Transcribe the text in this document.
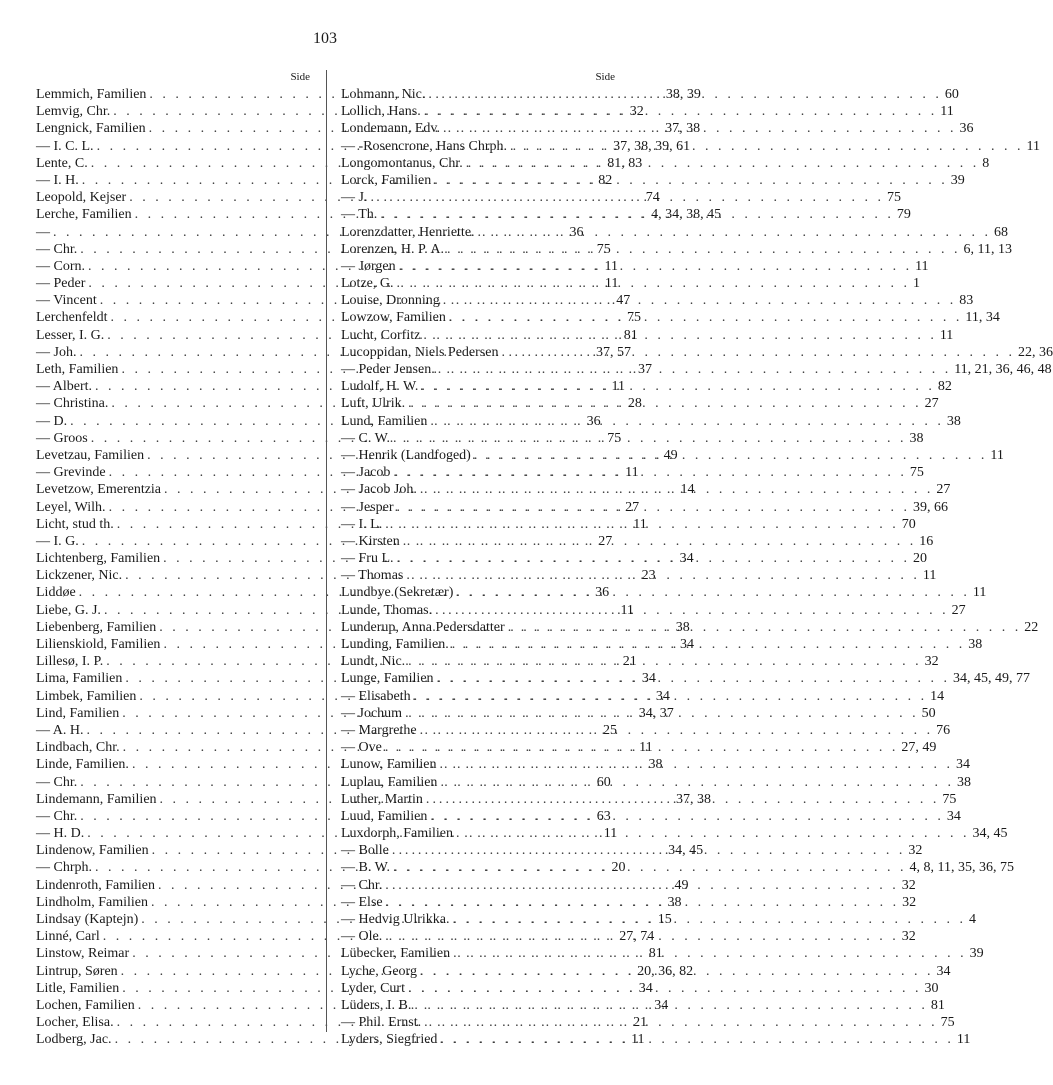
103
Side
Lemmich, Familien . . .	38, 39
Lemvig, Chr. . . .	32
Lengnick, Familien . . .	37, 38
— I. C. L. . . .	37, 38, 39, 61
Lente, C. . . .	81, 83
— I. H. . . .	82
Leopold, Kejser . . .	74
Lerche, Familien . . .	4, 34, 38, 45
— . . .	36
— Chr. . . .	75
— Corn. . . .	11
— Peder . . .	11
— Vincent . . .	47
Lerchenfeldt . . .	75
Lesser, I. G. . . .	81
— Joh. . . .	37, 57
Leth, Familien . . .	37
— Albert. . . .	11
— Christina. . . .	28
— D. . . .	36
— Groos . . .	75
Levetzau, Familien . . .	49
— Grevinde . . .	11
Levetzow, Emerentzia . . .	14
Leyel, Wilh. . . .	27
Licht, stud th. . . .	11
— I. G. . . .	27
Lichtenberg, Familien . . .	34
Lickzener, Nic. . . .	23
Liddøe . . .	36
Liebe, G. J. . . .	11
Liebenberg, Familien . . .	38
Lilienskiold, Familien . . .	34
Lillesø, I. P. . . .	21
Lima, Familien . . .	34
Limbek, Familien . . .	34
Lind, Familien . . .	34, 37
— A. H. . . .	25
Lindbach, Chr. . . .	11
Linde, Familien. . . .	38
— Chr. . . .	60
Lindemann, Familien . . .	37, 38
— Chr. . . .	63
— H. D. . . .	11
Lindenow, Familien . . .	34, 45
— Chrph. . . .	20
Lindenroth, Familien . . .	49
Lindholm, Familien . . .	38
Lindsay (Kaptejn) . . .	15
Linné, Carl . . .	27, 74
Linstow, Reimar . . .	81
Lintrup, Søren . . .	20, 36, 82
Litle, Familien . . .	34
Lochen, Familien . . .	34
Locher, Elisa. . . .	21
Lodberg, Jac. . . .	11
Side
Lohmann, Nic. . . .	60
Lollich, Hans. . . .	11
Londemann, Edv. . . .	36
— -Rosencrone, Hans Chrph. . . .	11
Longomontanus, Chr. . . .	8
Lorck, Familien . . .	39
— J. . . .	75
— Th. . . .	79
Lorenzdatter, Henriette. . . .	68
Lorenzen, H. P. A. . . .	6, 11, 13
— Jørgen . . .	11
Lotze, G. . . .	1
Louise, Dronning . . .	83
Lowzow, Familien . . .	11, 34
Lucht, Corfitz . . .	11
Lucoppidan, Niels Pedersen . . .	22, 36
— Peder Jensen. . . .	11, 21, 36, 46, 48
Ludolf, H. W. . . .	82
Luft, Ulrik. . . .	27
Lund, Familien . . .	38
— C. W. . . .	38
— Henrik (Landfoged) . . .	11
— Jacob . . .	75
— Jacob Joh. . . .	27
— Jesper . . .	39, 66
— I. L. . . .	70
— Kirsten . . .	16
— Fru L. . . .	20
— Thomas . . .	11
Lundbye (Sekretær) . . .	11
Lunde, Thomas. . . .	27
Lunderup, Anna Pedersdatter . . .	22
Lunding, Familien. . . .	38
Lundt, Nic. . . .	32
Lunge, Familien . . .	34, 45, 49, 77
— Elisabeth . . .	14
— Jochum . . .	50
— Margrethe . . .	76
— Ove . . .	27, 49
Lunow, Familien . . .	34
Luplau, Familien . . .	38
Luther, Martin . . .	75
Luud, Familien . . .	34
Luxdorph, Familien . . .	34, 45
— Bolle . . .	32
— B. W. . . .	4, 8, 11, 35, 36, 75
— Chr. . . .	32
— Else . . .	32
— Hedvig Ulrikka. . . .	4
— Ole. . . .	32
Lübecker, Familien . . .	39
Lyche, Georg . . .	34
Lyder, Curt . . .	30
Lüders, I. B. . . .	81
— Phil. Ernst. . . .	75
Lyders, Siegfried . . .	11
